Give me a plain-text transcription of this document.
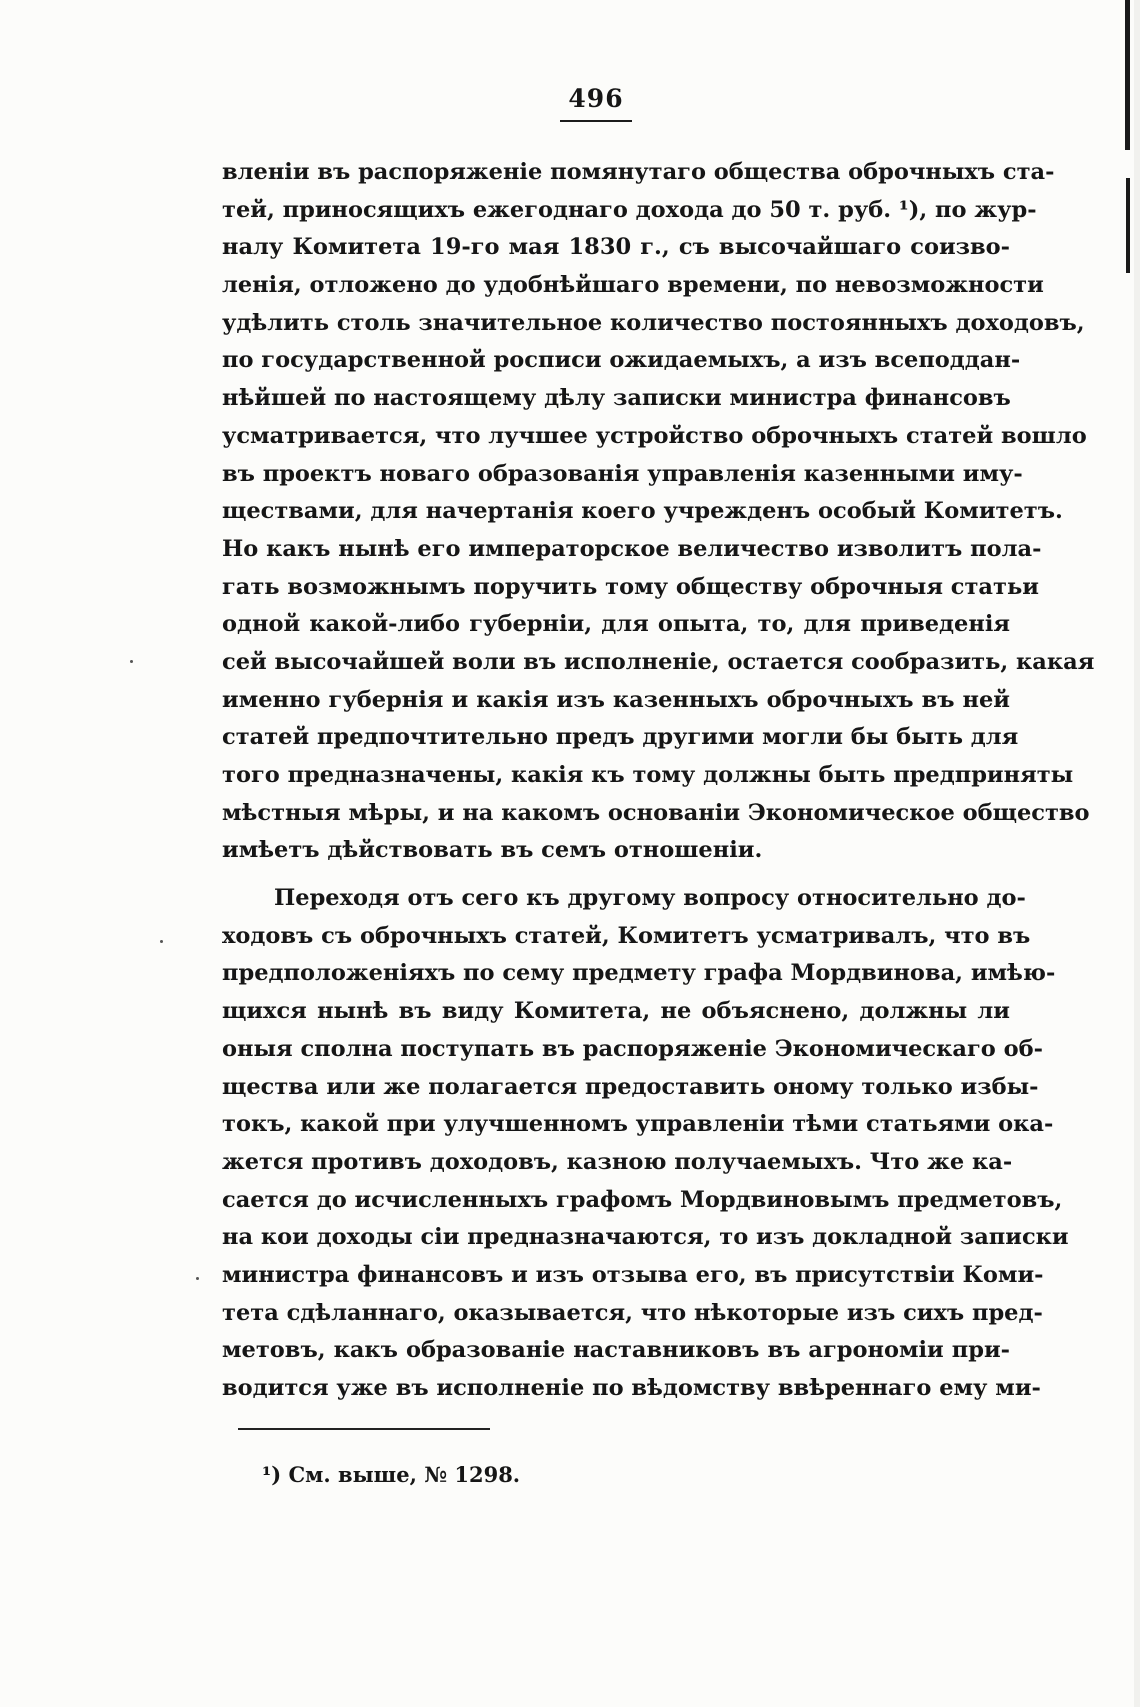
496
вленіи въ распоряженіе помянутаго общества оброчныхъ ста-
тей, приносящихъ ежегоднаго дохода до 50 т. руб. ¹), по жур-
налу Комитета 19-го мая 1830 г., съ высочайшаго соизво-
ленія, отложено до удобнѣйшаго времени, по невозможности
удѣлить столь значительное количество постоянныхъ доходовъ,
по государственной росписи ожидаемыхъ, а изъ всеподдан-
нѣйшей по настоящему дѣлу записки министра финансовъ
усматривается, что лучшее устройство оброчныхъ статей вошло
въ проектъ новаго образованія управленія казенными иму-
ществами, для начертанія коего учрежденъ особый Комитетъ.
Но какъ нынѣ его императорское величество изволитъ пола-
гать возможнымъ поручить тому обществу оброчныя статьи
одной какой-либо губерніи, для опыта, то, для приведенія
сей высочайшей воли въ исполненіе, остается сообразить, какая
именно губернія и какія изъ казенныхъ оброчныхъ въ ней
статей предпочтительно предъ другими могли бы быть для
того предназначены, какія къ тому должны быть предприняты
мѣстныя мѣры, и на какомъ основаніи Экономическое общество
имѣетъ дѣйствовать въ семъ отношеніи.
Переходя отъ сего къ другому вопросу относительно до-
ходовъ съ оброчныхъ статей, Комитетъ усматривалъ, что въ
предположеніяхъ по сему предмету графа Мордвинова, имѣю-
щихся нынѣ въ виду Комитета, не объяснено, должны ли
оныя сполна поступать въ распоряженіе Экономическаго об-
щества или же полагается предоставить оному только избы-
токъ, какой при улучшенномъ управленіи тѣми статьями ока-
жется противъ доходовъ, казною получаемыхъ. Что же ка-
сается до исчисленныхъ графомъ Мордвиновымъ предметовъ,
на кои доходы сіи предназначаются, то изъ докладной записки
министра финансовъ и изъ отзыва его, въ присутствіи Коми-
тета сдѣланнаго, оказывается, что нѣкоторые изъ сихъ пред-
метовъ, какъ образованіе наставниковъ въ агрономіи при-
водится уже въ исполненіе по вѣдомству ввѣреннаго ему ми-
¹) См. выше, № 1298.
